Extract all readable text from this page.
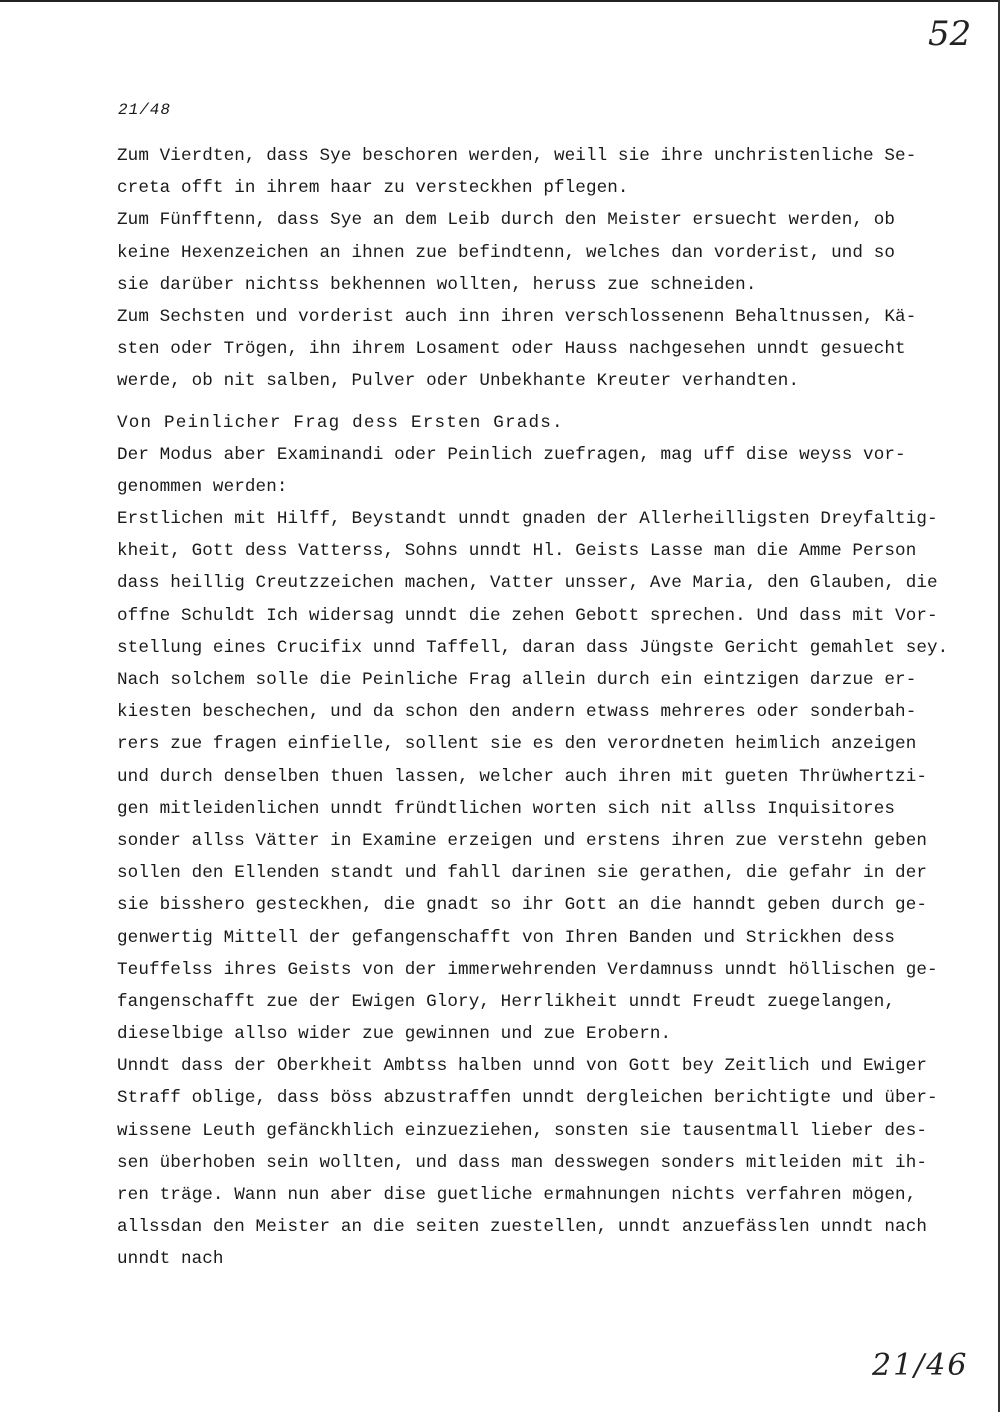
52
21/48
Zum Vierdten, dass Sye beschoren werden, weill sie ihre unchristenliche Se-
creta offt in ihrem haar zu versteckhen pflegen.
Zum Fünfftenn, dass Sye an dem Leib durch den Meister ersuecht werden, ob
keine Hexenzeichen an ihnen zue befindtenn, welches dan vorderist, und so
sie darüber nichtss bekhennen wollten, heruss zue schneiden.
Zum Sechsten und vorderist auch inn ihren verschlossenenn Behaltnussen, Kä-
sten oder Trögen, ihn ihrem Losament oder Hauss nachgesehen unndt gesuecht
werde, ob nit salben, Pulver oder Unbekhante Kreuter verhandten.
Von Peinlicher Frag dess Ersten Grads.
Der Modus aber Examinandi oder Peinlich zuefragen, mag uff dise weyss vor-
genommen werden:
Erstlichen mit Hilff, Beystandt unndt gnaden der Allerheilligsten Dreyfaltig-
kheit, Gott dess Vatterss, Sohns unndt Hl. Geists Lasse man die Amme Person
dass heillig Creutzzeichen machen, Vatter unsser, Ave Maria, den Glauben, die
offne Schuldt Ich widersag unndt die zehen Gebott sprechen. Und dass mit Vor-
stellung eines Crucifix unnd Taffell, daran dass Jüngste Gericht gemahlet sey.
Nach solchem solle die Peinliche Frag allein durch ein eintzigen darzue er-
kiesten beschechen, und da schon den andern etwass mehreres oder sonderbah-
rers zue fragen einfielle, sollent sie es den verordneten heimlich anzeigen
und durch denselben thuen lassen, welcher auch ihren mit gueten Thrüwhertzi-
gen mitleidenlichen unndt fründtlichen worten sich nit allss Inquisitores
sonder allss Vätter in Examine erzeigen und erstens ihren zue verstehn geben
sollen den Ellenden standt und fahll darinen sie gerathen, die gefahr in der
sie bisshero gesteckhen, die gnadt so ihr Gott an die hanndt geben durch ge-
genwertig Mittell der gefangenschafft von Ihren Banden und Strickhen dess
Teuffelss ihres Geists von der immerwehrenden Verdamnuss unndt höllischen ge-
fangenschafft zue der Ewigen Glory, Herrlikheit unndt Freudt zuegelangen,
dieselbige allso wider zue gewinnen und zue Erobern.
Unndt dass der Oberkheit Ambtss halben unnd von Gott bey Zeitlich und Ewiger
Straff oblige, dass böss abzustraffen unndt dergleichen berichtigte und über-
wissene Leuth gefänckhlich einzueziehen, sonsten sie tausentmall lieber des-
sen überhoben sein wollten, und dass man desswegen sonders mitleiden mit ih-
ren träge. Wann nun aber dise guetliche ermahnungen nichts verfahren mögen,
allssdan den Meister an die seiten zuestellen, unndt anzuefässlen unndt nach
unndt nach
21/46
